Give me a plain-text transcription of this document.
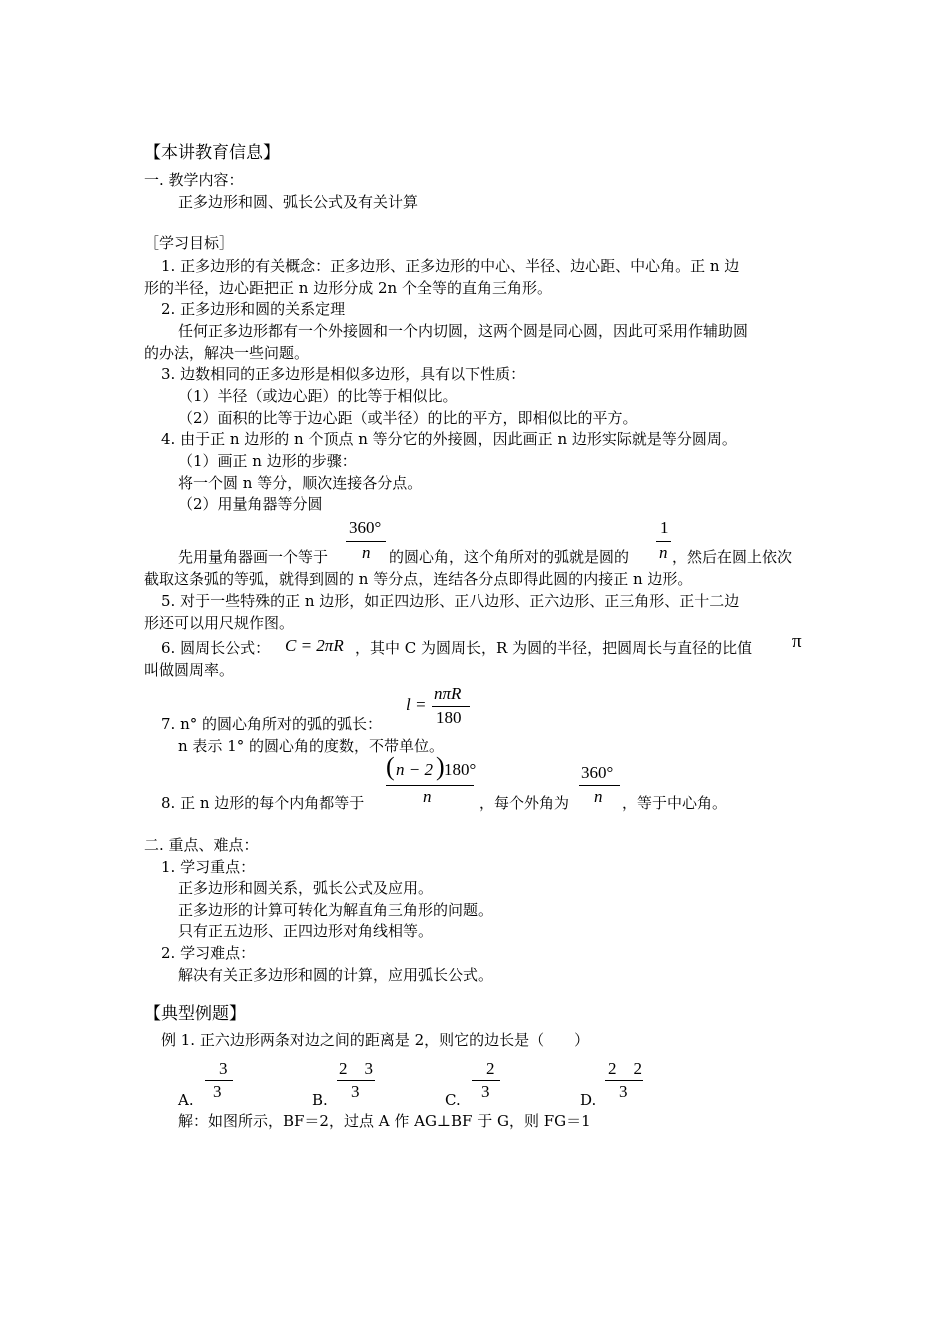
【本讲教育信息】
一. 教学内容：
正多边形和圆、弧长公式及有关计算
［学习目标］
1. 正多边形的有关概念：正多边形、正多边形的中心、半径、边心距、中心角。正 n 边
形的半径，边心距把正 n 边形分成 2n 个全等的直角三角形。
2. 正多边形和圆的关系定理
任何正多边形都有一个外接圆和一个内切圆，这两个圆是同心圆，因此可采用作辅助圆
的办法，解决一些问题。
3. 边数相同的正多边形是相似多边形，具有以下性质：
（1）半径（或边心距）的比等于相似比。
（2）面积的比等于边心距（或半径）的比的平方，即相似比的平方。
4. 由于正 n 边形的 n 个顶点 n 等分它的外接圆，因此画正 n 边形实际就是等分圆周。
（1）画正 n 边形的步骤：
将一个圆 n 等分，顺次连接各分点。
（2）用量角器等分圆
360°
n
1
n
先用量角器画一个等于	的圆心角，这个角所对的弧就是圆的	，然后在圆上依次
截取这条弧的等弧，就得到圆的 n 等分点，连结各分点即得此圆的内接正 n 边形。
5. 对于一些特殊的正 n 边形，如正四边形、正八边形、正六边形、正三角形、正十二边
形还可以用尺规作图。
6. 圆周长公式： C = 2πR ，其中 C 为圆周长，R 为圆的半径，把圆周长与直径的比值 π
叫做圆周率。
l =
nπR
180
7. n° 的圆心角所对的弧的弧长：
n 表示 1° 的圆心角的度数，不带单位。
( n − 2 ) 180°
n
360°
n
8. 正 n 边形的每个内角都等于	，每个外角为	，等于中心角。
二. 重点、难点：
1. 学习重点：
正多边形和圆关系，弧长公式及应用。
正多边形的计算可转化为解直角三角形的问题。
只有正五边形、正四边形对角线相等。
2. 学习难点：
解决有关正多边形和圆的计算，应用弧长公式。
【典型例题】
例 1. 正六边形两条对边之间的距离是 2，则它的边长是（　　）
3
3
A.
2　3
3
B.
2
3
C.
2　2
3
D.
解：如图所示，BF＝2，过点 A 作 AG⊥BF 于 G，则 FG＝1
